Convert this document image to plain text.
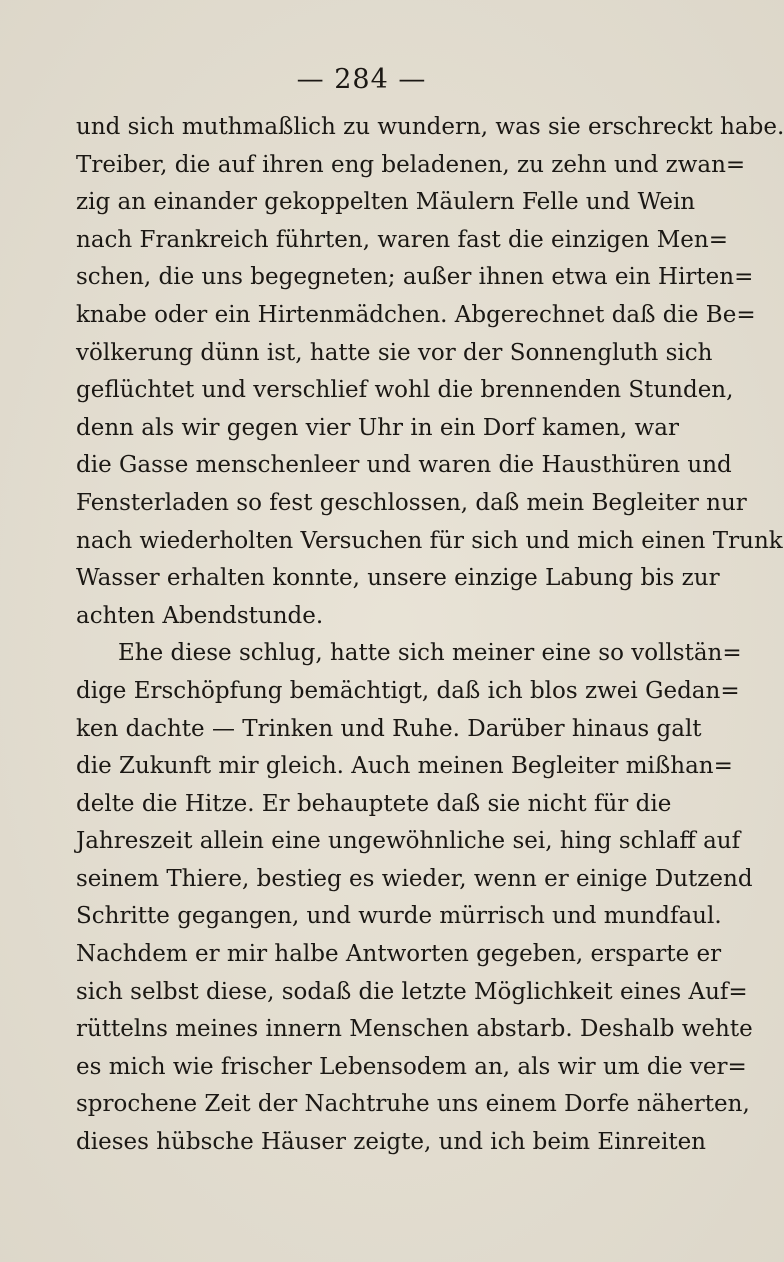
— 284 —
und sich muthmaßlich zu wundern, was sie erschreckt habe.
Treiber, die auf ihren eng beladenen, zu zehn und zwan=
zig an einander gekoppelten Mäulern Felle und Wein
nach Frankreich führten, waren fast die einzigen Men=
schen, die uns begegneten; außer ihnen etwa ein Hirten=
knabe oder ein Hirtenmädchen. Abgerechnet daß die Be=
völkerung dünn ist, hatte sie vor der Sonnengluth sich
geflüchtet und verschlief wohl die brennenden Stunden,
denn als wir gegen vier Uhr in ein Dorf kamen, war
die Gasse menschenleer und waren die Hausthüren und
Fensterladen so fest geschlossen, daß mein Begleiter nur
nach wiederholten Versuchen für sich und mich einen Trunk
Wasser erhalten konnte, unsere einzige Labung bis zur
achten Abendstunde.
Ehe diese schlug, hatte sich meiner eine so vollstän=
dige Erschöpfung bemächtigt, daß ich blos zwei Gedan=
ken dachte — Trinken und Ruhe. Darüber hinaus galt
die Zukunft mir gleich. Auch meinen Begleiter mißhan=
delte die Hitze. Er behauptete daß sie nicht für die
Jahreszeit allein eine ungewöhnliche sei, hing schlaff auf
seinem Thiere, bestieg es wieder, wenn er einige Dutzend
Schritte gegangen, und wurde mürrisch und mundfaul.
Nachdem er mir halbe Antworten gegeben, ersparte er
sich selbst diese, sodaß die letzte Möglichkeit eines Auf=
rüttelns meines innern Menschen abstarb. Deshalb wehte
es mich wie frischer Lebensodem an, als wir um die ver=
sprochene Zeit der Nachtruhe uns einem Dorfe näherten,
dieses hübsche Häuser zeigte, und ich beim Einreiten
